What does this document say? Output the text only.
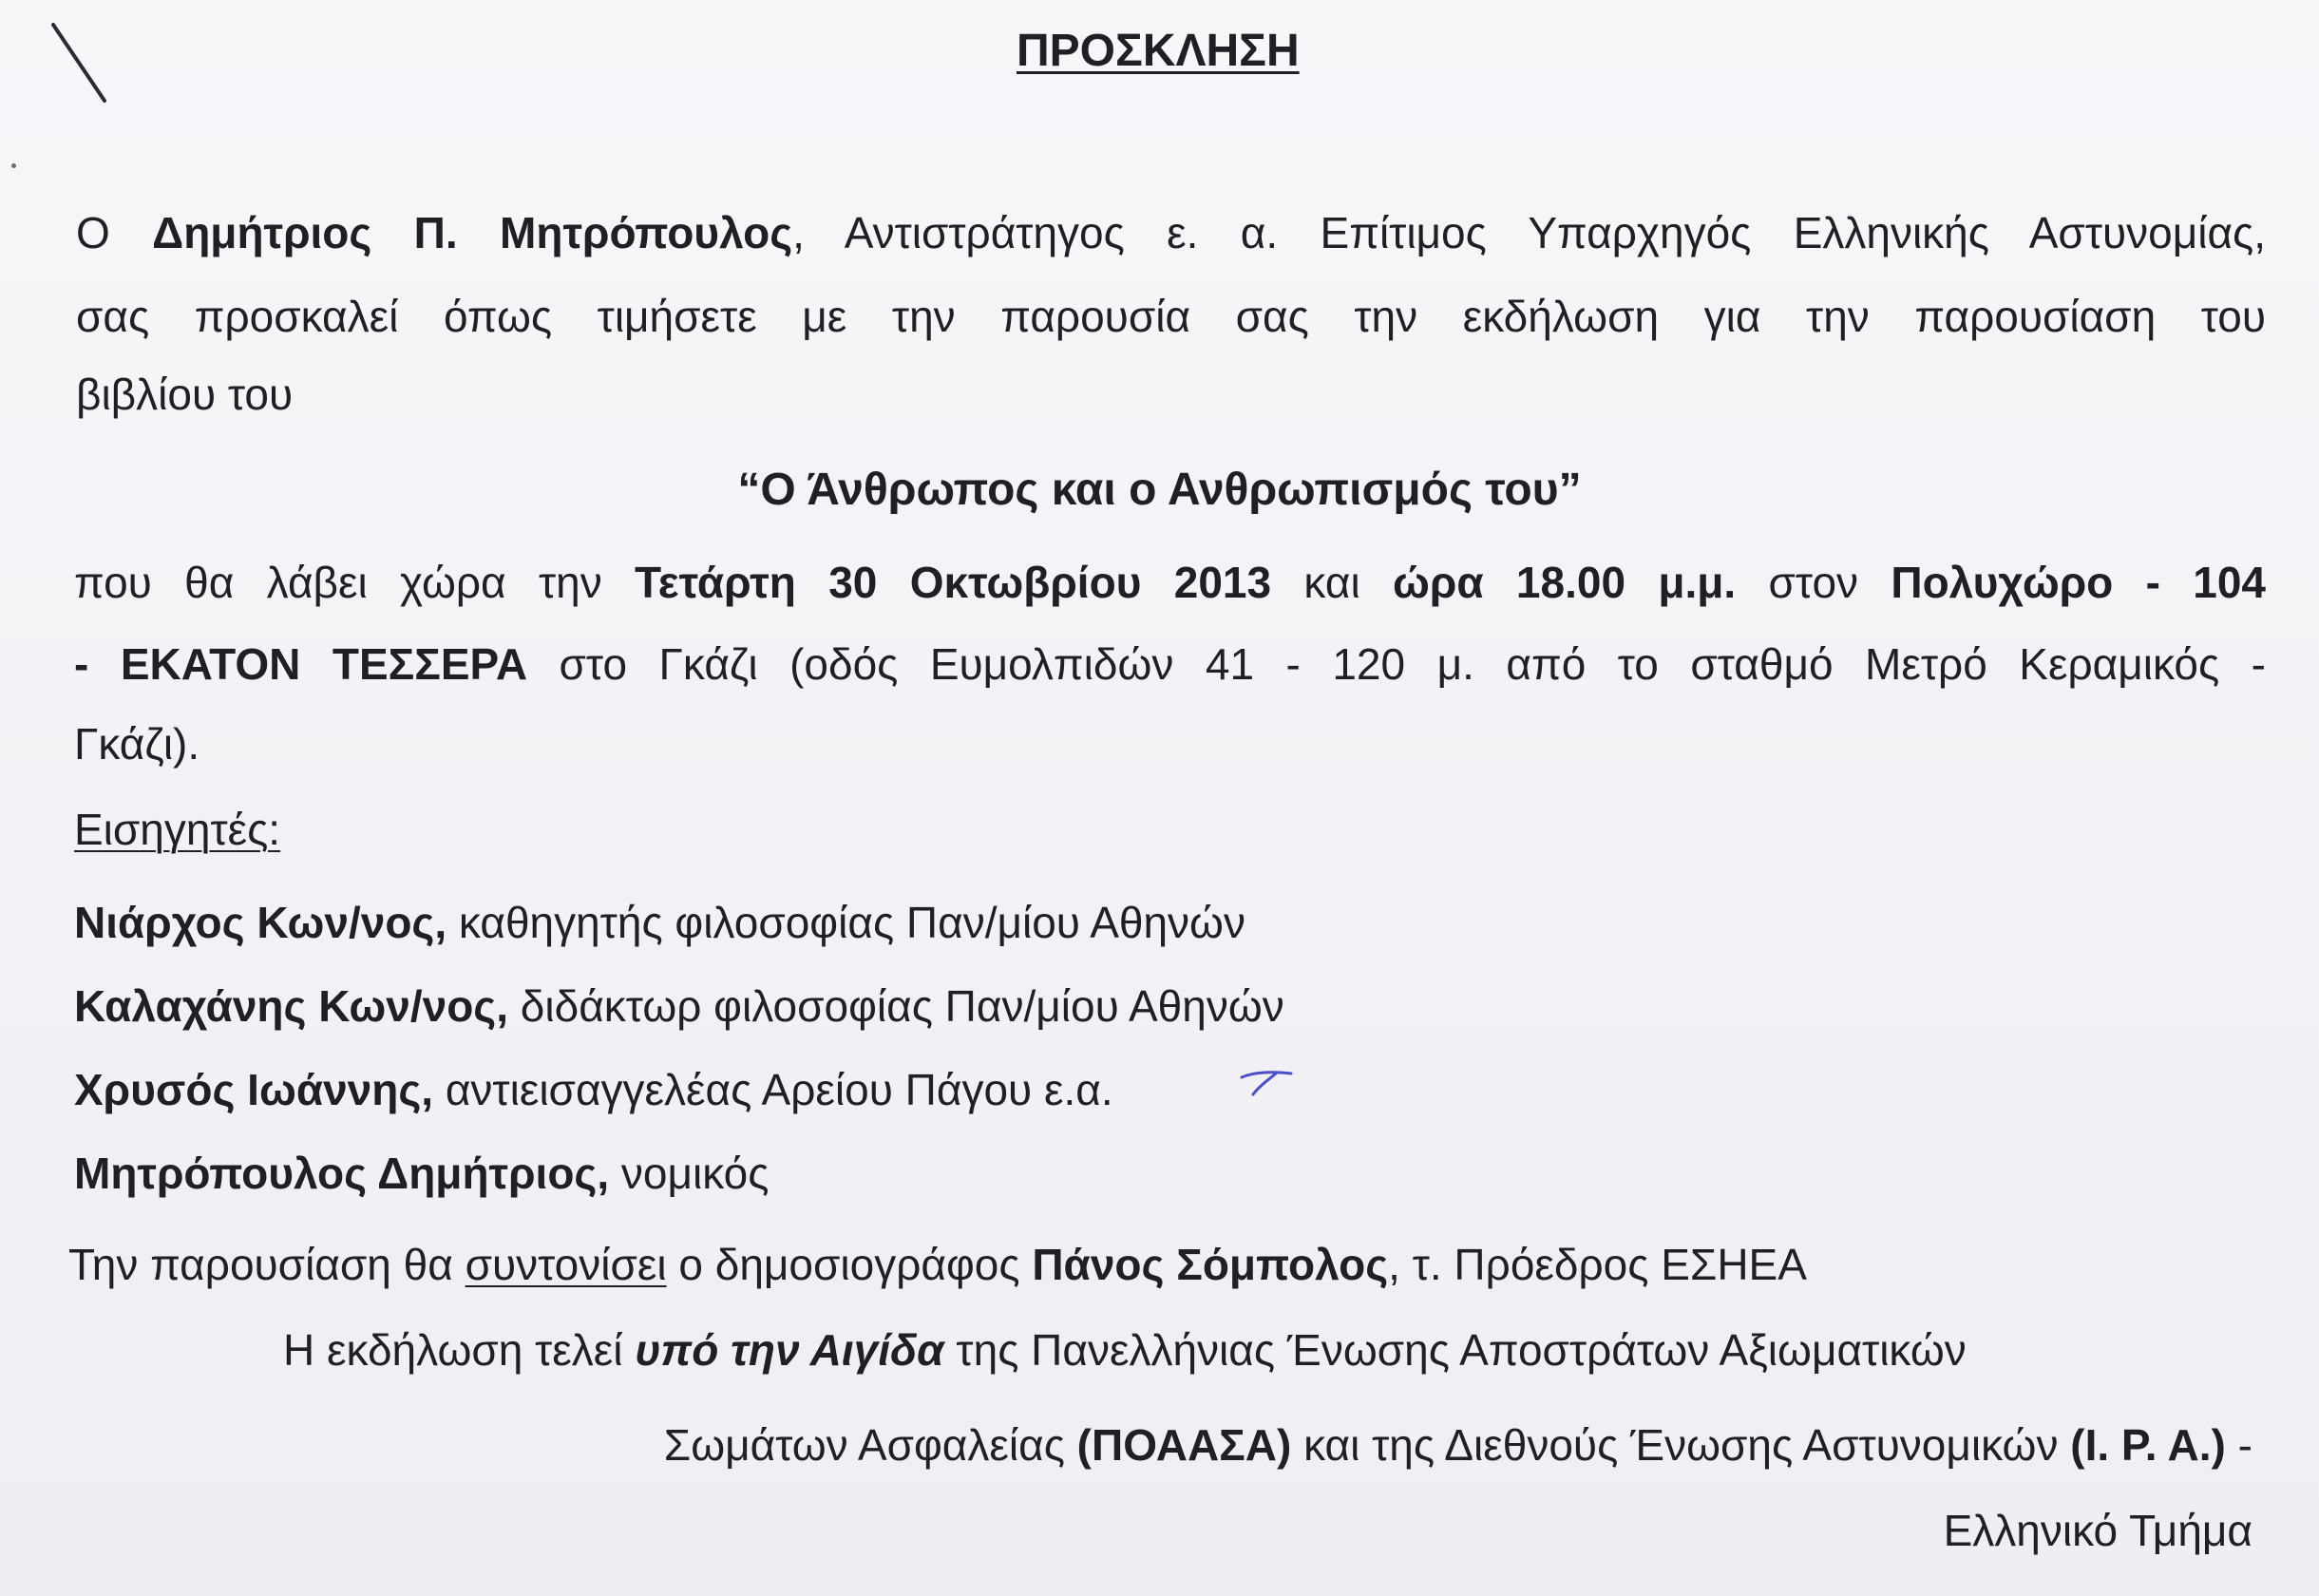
ΠΡΟΣΚΛΗΣΗ

Ο Δημήτριος Π. Μητρόπουλος, Αντιστράτηγος ε. α. Επίτιμος Υπαρχηγός Ελληνικής Αστυνομίας,

σας προσκαλεί όπως τιμήσετε με την παρουσία σας την εκδήλωση για την παρουσίαση του

βιβλίου του

“Ο Άνθρωπος και ο Ανθρωπισμός του”

που θα λάβει χώρα την Τετάρτη 30 Οκτωβρίου 2013 και ώρα 18.00 μ.μ. στον Πολυχώρο - 104

- ΕΚΑΤΟΝ ΤΕΣΣΕΡΑ στο Γκάζι (οδός Ευμολπιδών 41 - 120 μ. από το σταθμό Μετρό Κεραμικός -

Γκάζι).

Εισηγητές:

Νιάρχος Κων/νος, καθηγητής φιλοσοφίας Παν/μίου Αθηνών

Καλαχάνης Κων/νος, διδάκτωρ φιλοσοφίας Παν/μίου Αθηνών

Χρυσός Ιωάννης, αντιεισαγγελέας Αρείου Πάγου ε.α.

Μητρόπουλος Δημήτριος, νομικός

Την παρουσίαση θα συντονίσει ο δημοσιογράφος Πάνος Σόμπολος, τ. Πρόεδρος ΕΣΗΕΑ

Η εκδήλωση τελεί υπό την Αιγίδα της Πανελλήνιας Ένωσης Αποστράτων Αξιωματικών

Σωμάτων Ασφαλείας (ΠΟΑΑΣΑ) και της Διεθνούς Ένωσης Αστυνομικών (Ι. Ρ. Α.) -

Ελληνικό Τμήμα
